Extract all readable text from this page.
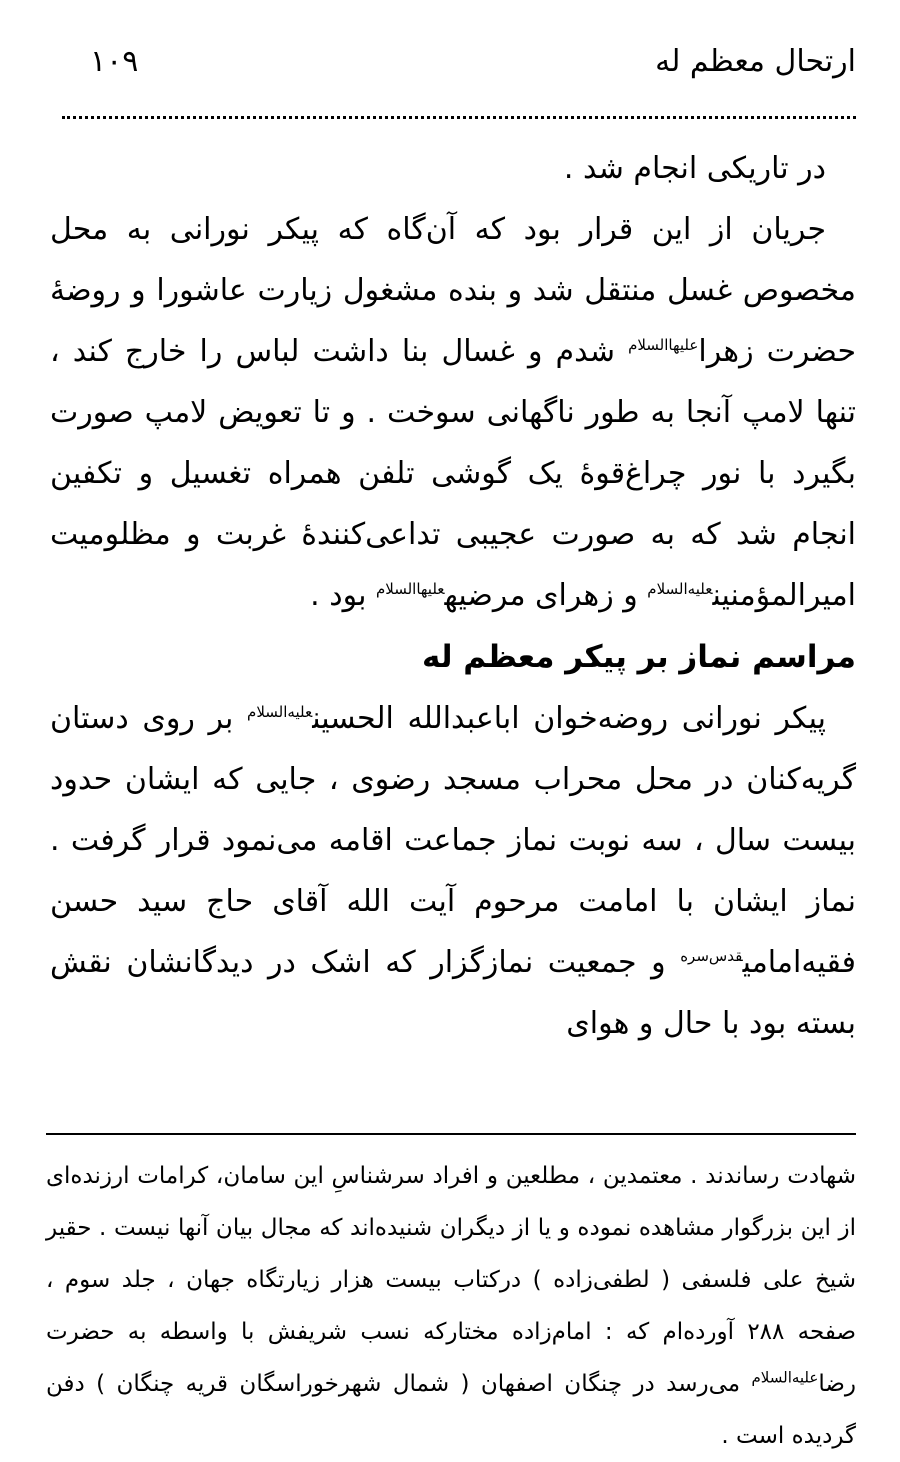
ارتحال معظم له
۱۰۹

در تاریکی انجام شد .

جریان از این قرار بود که آن‌گاه که پیکر نورانی به محل مخصوص غسل منتقل شد و بنده مشغول زیارت عاشورا و روضهٔ حضرت زهرا$^{عليها‌السلام}$ شدم و غسال بنا داشت لباس را خارج کند ، تنها لامپ آنجا به طور ناگهانی سوخت . و تا تعویض لامپ صورت بگیرد با نور چراغ‌قوهٔ یک گوشی تلفن همراه تغسیل و تکفین انجام شد که به صورت عجیبی تداعی‌کنندهٔ غربت و مظلومیت امیرالمؤمنین$^{عليه‌السلام}$ و زهرای مرضیه$^{عليها‌السلام}$ بود .

مراسم نماز بر پیکر معظم له

پیکر نورانی روضه‌خوان اباعبدالله الحسین$^{عليه‌السلام}$ بر روی دستان گریه‌کنان در محل محراب مسجد رضوی ، جایی که ایشان حدود بیست سال ، سه نوبت نماز جماعت اقامه می‌نمود قرار گرفت . نماز ایشان با امامت مرحوم آیت الله آقای حاج سید حسن فقیه‌امامی$^{قدس‌سره}$ و جمعیت نمازگزار که اشک در دیدگانشان نقش بسته بود با حال و هوای

شهادت رساندند . معتمدین ، مطلعین و افراد سرشناسِ این سامان، کرامات ارزنده‌ای از این بزرگوار مشاهده نموده و یا از دیگران شنیده‌اند که مجال بیان آنها نیست . حقیر شیخ علی فلسفی ( لطفی‌زاده ) درکتاب بیست هزار زیارتگاه جهان ، جلد سوم ، صفحه ۲۸۸ آورده‌ام که : امام‌زاده مختارکه نسب شریفش با واسطه به حضرت رضا$^{عليه‌السلام}$ می‌رسد در چنگان اصفهان ( شمال شهرخوراسگان قریه چنگان ) دفن گردیده است .
